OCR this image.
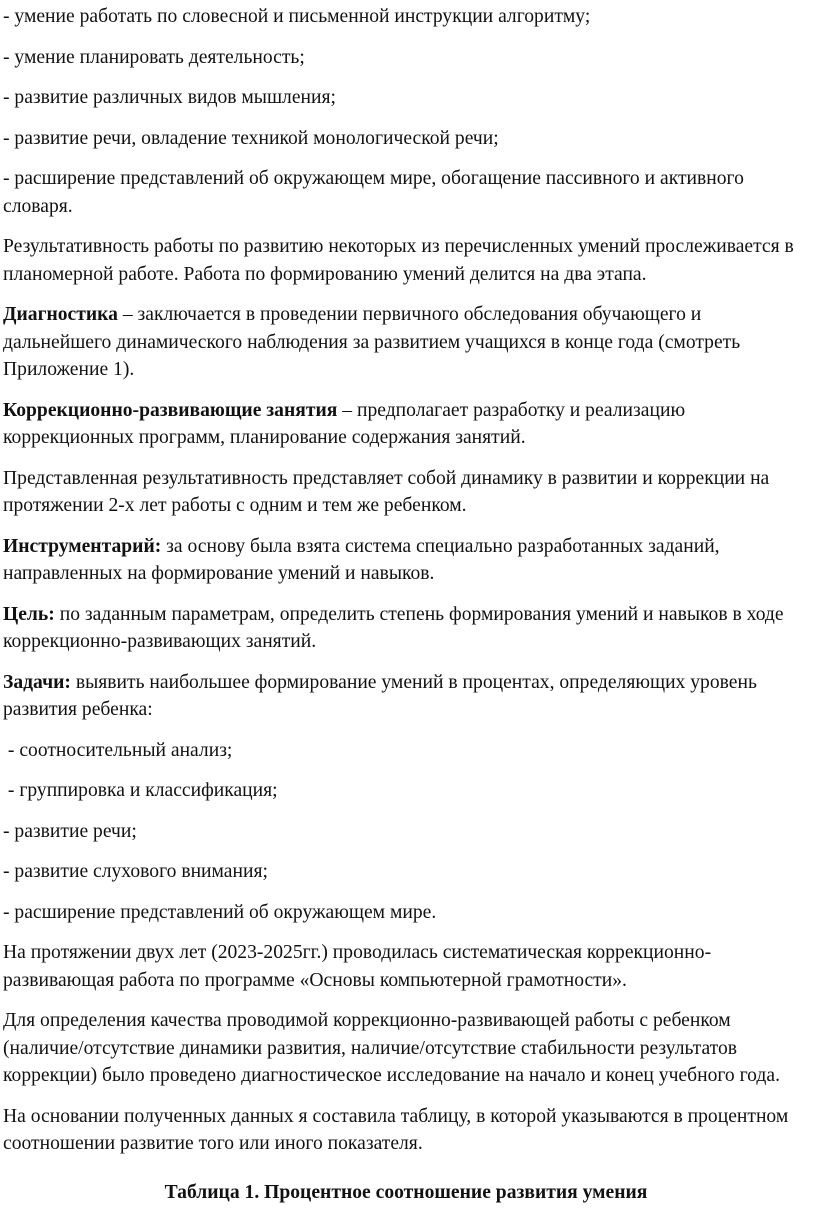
- умение работать по словесной и письменной инструкции алгоритму;

- умение планировать деятельность;

- развитие различных видов мышления;

- развитие речи, овладение техникой монологической речи;

- расширение представлений об окружающем мире, обогащение пассивного и активного словаря.

Результативность работы по развитию некоторых из перечисленных умений прослеживается в планомерной работе. Работа по формированию умений делится на два этапа.

Диагностика – заключается в проведении первичного обследования обучающего и дальнейшего динамического наблюдения за развитием учащихся в конце года (смотреть Приложение 1).

Коррекционно-развивающие занятия – предполагает разработку и реализацию коррекционных программ, планирование содержания занятий.

Представленная результативность представляет собой динамику в развитии и коррекции на протяжении 2-х лет работы с одним и тем же ребенком.

Инструментарий: за основу была взята система специально разработанных заданий, направленных на формирование умений и навыков.

Цель: по заданным параметрам, определить степень формирования умений и навыков в ходе коррекционно-развивающих занятий.

Задачи: выявить наибольшее формирование умений в процентах, определяющих уровень развития ребенка:

- соотносительный анализ;

- группировка и классификация;

- развитие речи;

- развитие слухового внимания;

- расширение представлений об окружающем мире.

На протяжении двух лет (2023-2025гг.) проводилась систематическая коррекционно-развивающая работа по программе «Основы компьютерной грамотности».

Для определения качества проводимой коррекционно-развивающей работы с ребенком (наличие/отсутствие динамики развития, наличие/отсутствие стабильности результатов коррекции) было проведено диагностическое исследование на начало и конец учебного года.

На основании полученных данных я составила таблицу, в которой указываются в процентном соотношении развитие того или иного показателя.

Таблица 1. Процентное соотношение развития умения
